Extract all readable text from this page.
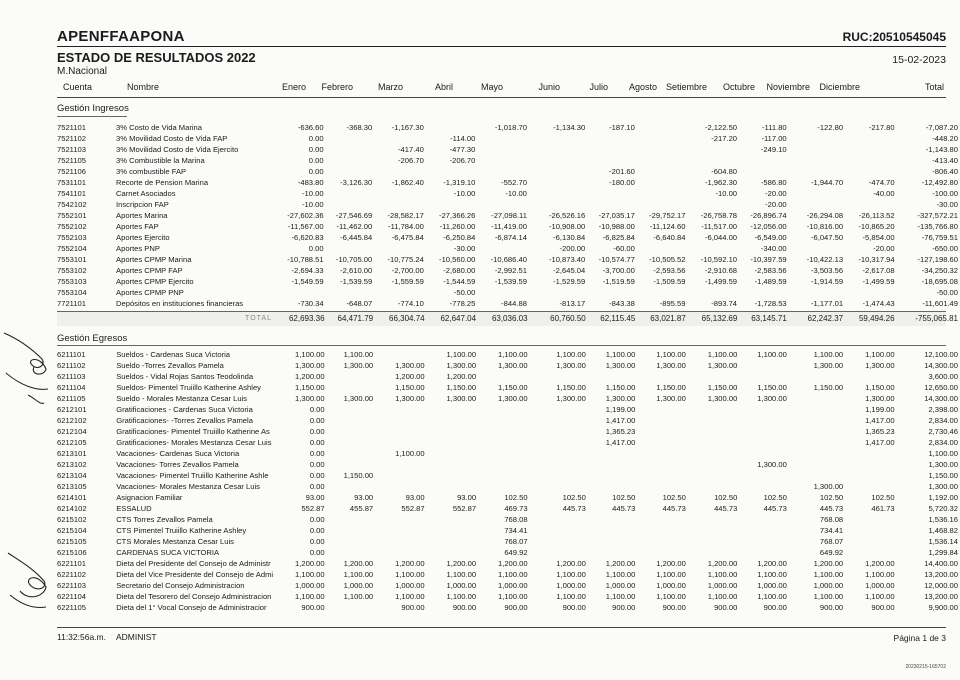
APENFFAAPONA	RUC:20510545045
ESTADO DE RESULTADOS 2022	15-02-2023
M.Nacional
Cuenta	Nombre	Enero Febrero	Marzo	Abril	Mayo	Junio	Julio Agosto Setiembre Octubre Noviembre Diciembre	Total
Gestión Ingresos
7521101	3% Costo de Vida Marina	-636.60	-368.30	-1,167.30		-1,018.70	-1,134.30	-187.10		-2,122.50	-111.80	-122.80	-217.80	-7,087.20
7521102	3% Movilidad Costo de Vida FAP	0.00			-114.00					-217.20	-117.00			-448.20
7521103	3% Movilidad Costo de Vida Ejercito	0.00		-417.40	-477.30						-249.10			-1,143.80
7521105	3% Combustible la Marina	0.00		-206.70	-206.70									-413.40
7521106	3% combustible FAP	0.00						-201.60		-604.80				-806.40
7531101	Recorte de Pension Marina	-483.80	-3,126.30	-1,862.40	-1,319.10	-552.70		-180.00		-1,962.30	-586.80	-1,944.70	-474.70	-12,492.80
7541101	Carnet Asociados	-10.00			-10.00	-10.00				-10.00	-20.00		-40.00	-100.00
7542102	Inscripcion FAP	-10.00									-20.00			-30.00
7552101	Aportes Marina	-27,602.36	-27,546.69	-28,582.17	-27,366.26	-27,098.11	-26,526.16	-27,035.17	-29,752.17	-26,758.78	-26,896.74	-26,294.08	-26,113.52	-327,572.21
7552102	Aportes FAP	-11,567.00	-11,462.00	-11,784.00	-11,260.00	-11,419.00	-10,908.00	-10,988.00	-11,124.60	-11,517.00	-12,056.00	-10,816.00	-10,865.20	-135,766.80
7552103	Aportes Ejercito	-6,620.83	-6,445.84	-6,475.84	-6,250.84	-6,874.14	-6,130.84	-6,825.84	-6,640.84	-6,044.00	-6,549.00	-6,047.50	-5,854.00	-76,759.51
7552104	Aportes PNP	0.00			-30.00		-200.00	-60.00			-340.00		-20.00	-650.00
7553101	Aportes CPMP Marina	-10,788.51	-10,705.00	-10,775.24	-10,560.00	-10,686.40	-10,873.40	-10,574.77	-10,505.52	-10,592.10	-10,397.59	-10,422.13	-10,317.94	-127,198.60
7553102	Aportes CPMP FAP	-2,694.33	-2,610.00	-2,700.00	-2,680.00	-2,992.51	-2,645.04	-3,700.00	-2,593.56	-2,910.68	-2,583.56	-3,503.56	-2,617.08	-34,250.32
7553103	Aportes CPMP Ejercito	-1,549.59	-1,539.59	-1,559.59	-1,544.59	-1,539.59	-1,529.59	-1,519.59	-1,509.59	-1,499.59	-1,489.59	-1,914.59	-1,499.59	-18,695.08
7553104	Aportes CPMP PNP				-50.00									-50.00
7721101	Depósitos en instituciones financieras	-730.34	-648.07	-774.10	-778.25	-844.88	-813.17	-843.38	-895.59	-893.74	-1,728.53	-1,177.01	-1,474.43	-11,601.49
TOTAL	62,693.36	64,471.79	66,304.74	62,647.04	63,036.03	60,760.50	62,115.45	63,021.87	65,132.69	63,145.71	62,242.37	59,494.26	-755,065.81
Gestión Egresos
6211101	Sueldos - Cardenas Suca Victoria	1,100.00	1,100.00		1,100.00	1,100.00	1,100.00	1,100.00	1,100.00	1,100.00	1,100.00	1,100.00	1,100.00	12,100.00
6211102	Sueldo -Torres Zevallos Pamela	1,300.00	1,300.00	1,300.00	1,300.00	1,300.00	1,300.00	1,300.00	1,300.00	1,300.00		1,300.00	1,300.00	14,300.00
6211103	Sueldos - Vidal Rojas Santos Teodolinda	1,200.00		1,200.00	1,200.00									3,600.00
6211104	Sueldos- Pimentel Truiillo Katherine Ashley	1,150.00		1,150.00	1,150.00	1,150.00	1,150.00	1,150.00	1,150.00	1,150.00	1,150.00	1,150.00	1,150.00	12,650.00
6211105	Sueldo - Morales Mestanza Cesar Luis	1,300.00	1,300.00	1,300.00	1,300.00	1,300.00	1,300.00	1,300.00	1,300.00	1,300.00	1,300.00		1,300.00	14,300.00
6212101	Gratificaciones - Cardenas Suca Victoria	0.00						1,199.00					1,199.00	2,398.00
6212102	Gratificaciones- -Torres Zevallos Pamela	0.00						1,417.00					1,417.00	2,834.00
6212104	Gratificaciones- Pimentel Truiillo Katherine As	0.00						1,365.23					1,365.23	2,730.46
6212105	Gratificaciones- Morales Mestanza Cesar Luis	0.00						1,417.00					1,417.00	2,834.00
6213101	Vacaciones- Cardenas Suca Victoria	0.00		1,100.00										1,100.00
6213102	Vacaciones- Torres Zevallos Pamela	0.00									1,300.00			1,300.00
6213104	Vacaciones- Pimentel Truiillo Katherine Ashle	0.00	1,150.00											1,150.00
6213105	Vacaciones- Morales Mestanza Cesar Luis	0.00										1,300.00		1,300.00
6214101	Asignacion Familiar	93.00	93.00	93.00	93.00	102.50	102.50	102.50	102.50	102.50	102.50	102.50	102.50	1,192.00
6214102	ESSALUD	552.87	455.87	552.87	552.87	469.73	445.73	445.73	445.73	445.73	445.73	445.73	461.73	5,720.32
6215102	CTS Torres Zevallos Pamela	0.00				768.08						768.08		1,536.16
6215104	CTS Pimentel Truiillo Katherine Ashley	0.00				734.41						734.41		1,468.82
6215105	CTS Morales Mestanza Cesar Luis	0.00				768.07						768.07		1,536.14
6215106	CARDENAS SUCA VICTORIA	0.00				649.92						649.92		1,299.84
6221101	Dieta del Presidente del Consejo de Administr	1,200.00	1,200.00	1,200.00	1,200.00	1,200.00	1,200.00	1,200.00	1,200.00	1,200.00	1,200.00	1,200.00	1,200.00	14,400.00
6221102	Dieta del Vice Presidente del Consejo de Admi	1,100.00	1,100.00	1,100.00	1,100.00	1,100.00	1,100.00	1,100.00	1,100.00	1,100.00	1,100.00	1,100.00	1,100.00	13,200.00
6221103	Secretario del Consejo Administracion	1,000.00	1,000.00	1,000.00	1,000.00	1,000.00	1,000.00	1,000.00	1,000.00	1,000.00	1,000.00	1,000.00	1,000.00	12,000.00
6221104	Dieta del Tesorero del Consejo Administracion	1,100.00	1,100.00	1,100.00	1,100.00	1,100.00	1,100.00	1,100.00	1,100.00	1,100.00	1,100.00	1,100.00	1,100.00	13,200.00
6221105	Dieta del 1° Vocal Consejo de Administracior	900.00		900.00	900.00	900.00	900.00	900.00	900.00	900.00	900.00	900.00	900.00	9,900.00
11:32:56a.m. ADMINIST	Página 1 de 3
20230215-165702
